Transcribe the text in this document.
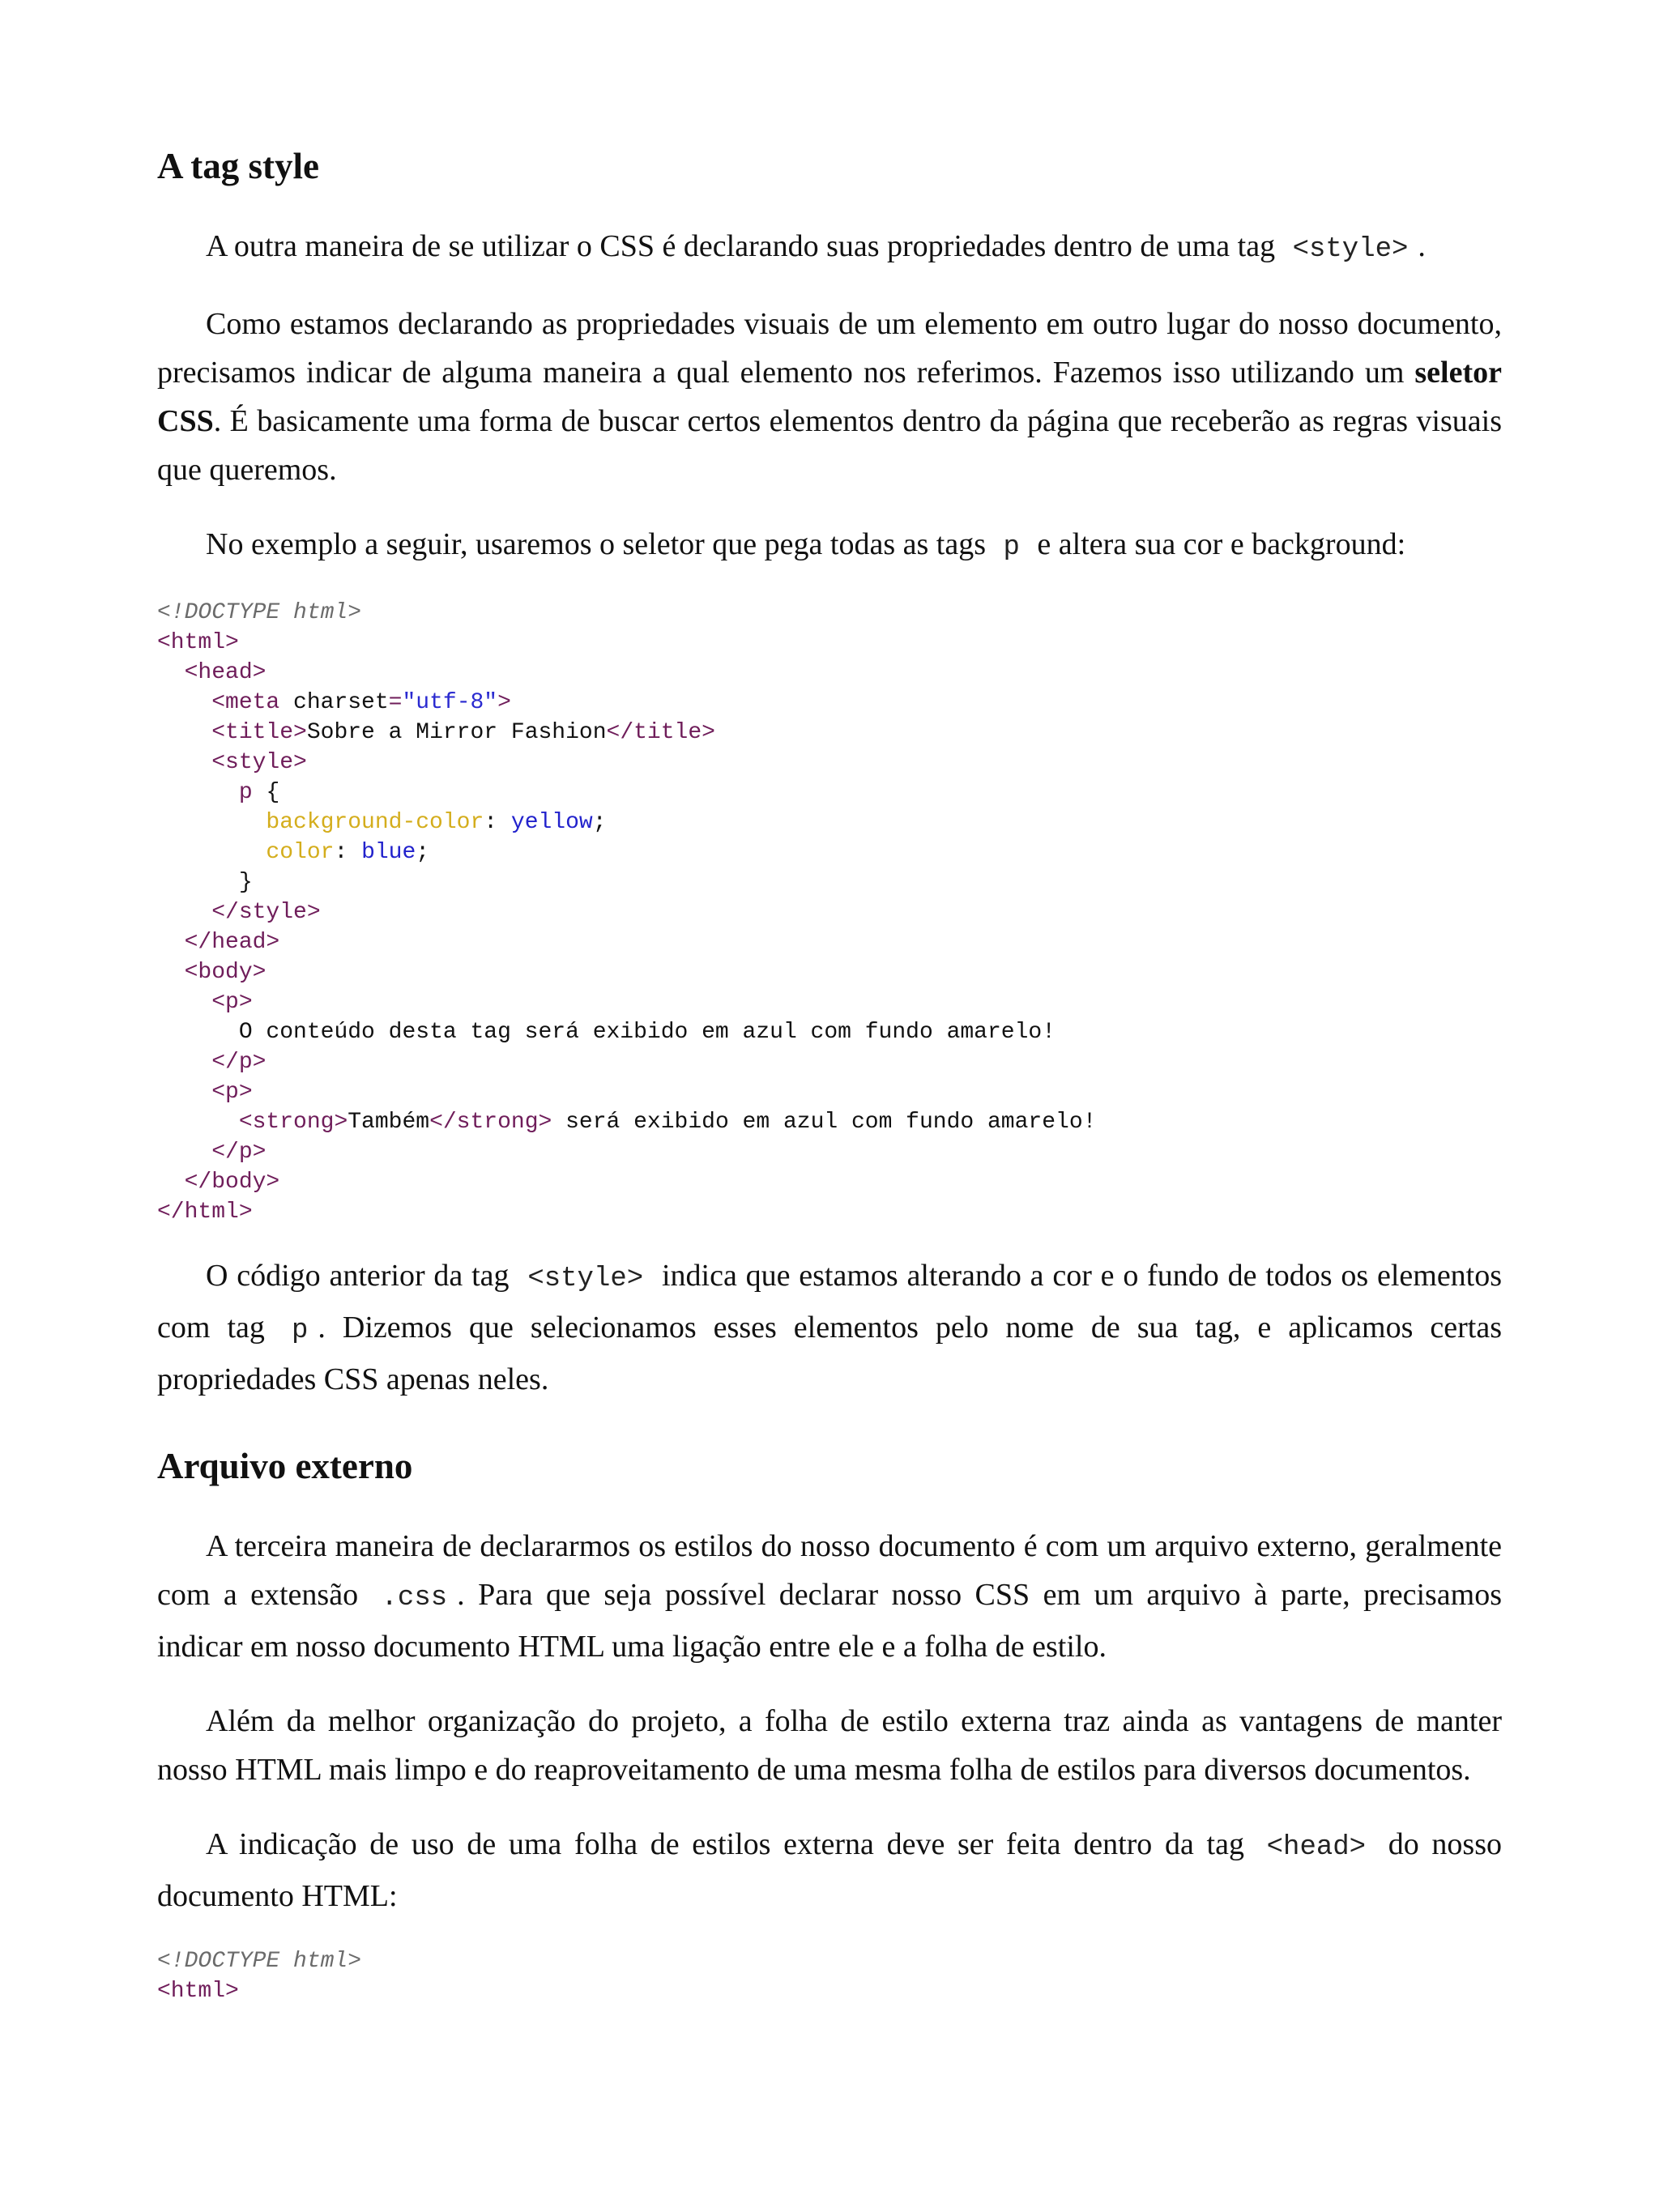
A tag style

A outra maneira de se utilizar o CSS é declarando suas propriedades dentro de uma tag <style> .

Como estamos declarando as propriedades visuais de um elemento em outro lugar do nosso documento, precisamos indicar de alguma maneira a qual elemento nos referimos. Fazemos isso utilizando um seletor CSS. É basicamente uma forma de buscar certos elementos dentro da página que receberão as regras visuais que queremos.

No exemplo a seguir, usaremos o seletor que pega todas as tags p e altera sua cor e background:

<!DOCTYPE html>
<html>
<head>
<meta charset="utf-8">
<title>Sobre a Mirror Fashion</title>
<style>
p {
background-color: yellow;
color: blue;
}
</style>
</head>
<body>
<p>
O conteúdo desta tag será exibido em azul com fundo amarelo!
</p>
<p>
<strong>Também</strong> será exibido em azul com fundo amarelo!
</p>
</body>
</html>

O código anterior da tag <style> indica que estamos alterando a cor e o fundo de todos os elementos com tag p . Dizemos que selecionamos esses elementos pelo nome de sua tag, e aplicamos certas propriedades CSS apenas neles.

Arquivo externo

A terceira maneira de declararmos os estilos do nosso documento é com um arquivo externo, geralmente com a extensão .css . Para que seja possível declarar nosso CSS em um arquivo à parte, precisamos indicar em nosso documento HTML uma ligação entre ele e a folha de estilo.

Além da melhor organização do projeto, a folha de estilo externa traz ainda as vantagens de manter nosso HTML mais limpo e do reaproveitamento de uma mesma folha de estilos para diversos documentos.

A indicação de uso de uma folha de estilos externa deve ser feita dentro da tag <head> do nosso documento HTML:

<!DOCTYPE html>
<html>
